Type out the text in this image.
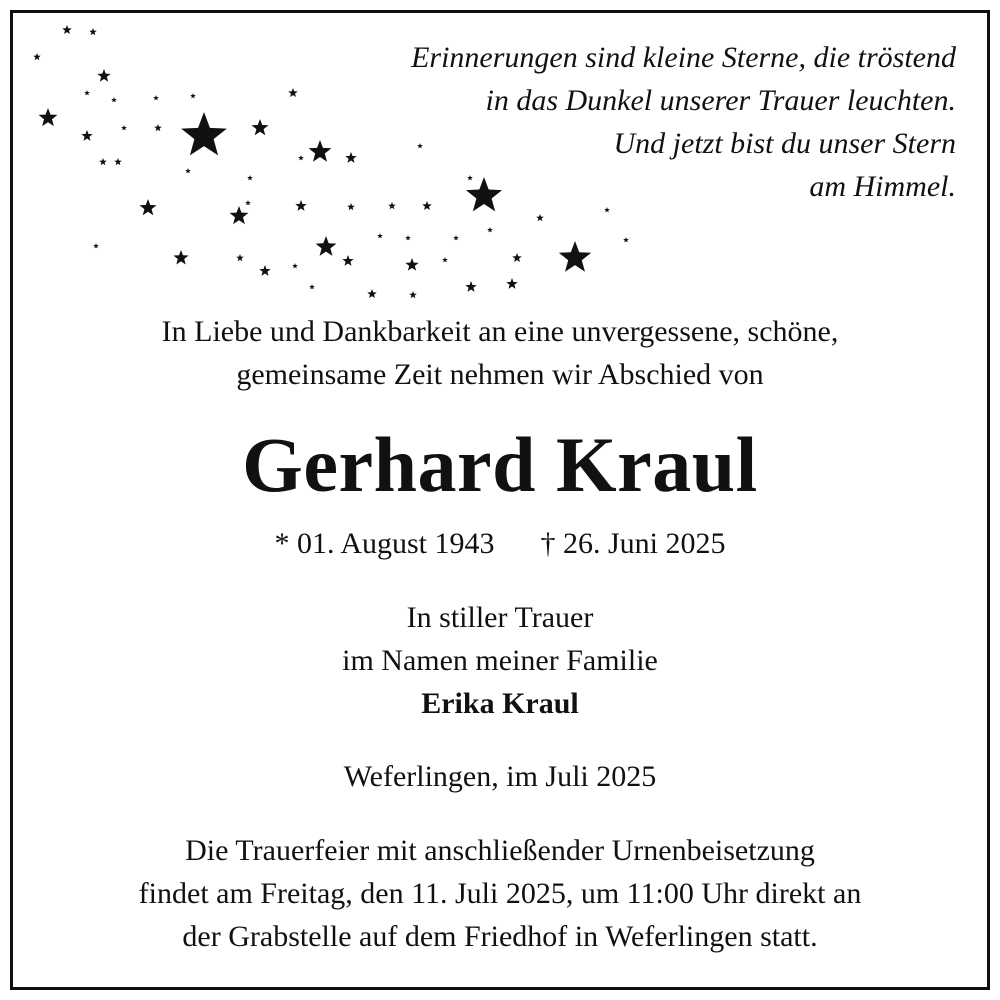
Erinnerungen sind kleine Sterne, die tröstend
in das Dunkel unserer Trauer leuchten.
Und jetzt bist du unser Stern
am Himmel.
In Liebe und Dankbarkeit an eine unvergessene, schöne,
gemeinsame Zeit nehmen wir Abschied von
Gerhard Kraul
* 01. August 1943 † 26. Juni 2025
In stiller Trauer
im Namen meiner Familie
Erika Kraul
Weferlingen, im Juli 2025
Die Trauerfeier mit anschließender Urnenbeisetzung
findet am Freitag, den 11. Juli 2025, um 11:00 Uhr direkt an
der Grabstelle auf dem Friedhof in Weferlingen statt.
